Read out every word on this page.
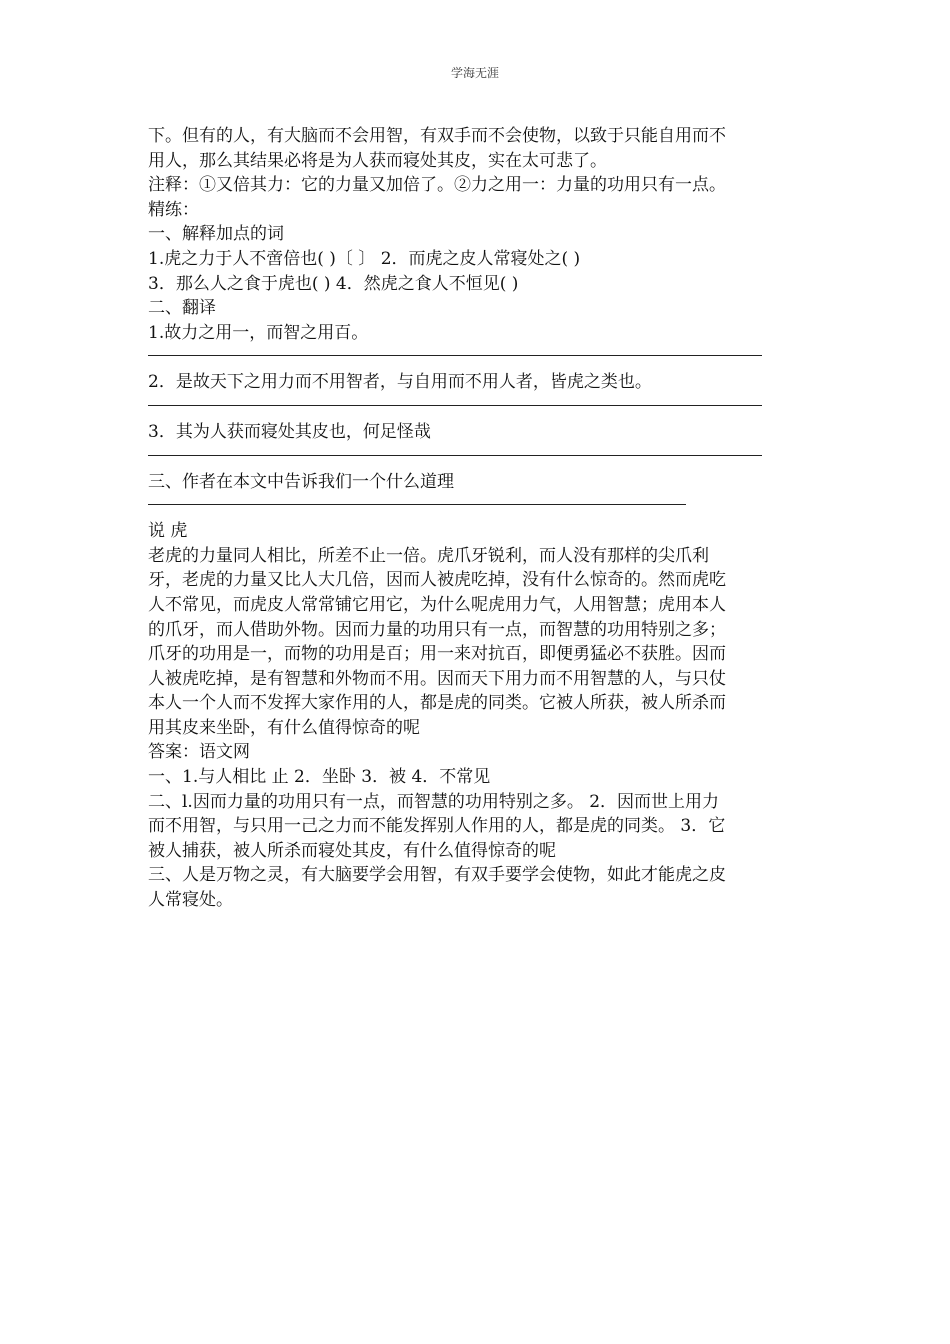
学海无涯
下。但有的人，有大脑而不会用智，有双手而不会使物，以致于只能自用而不
用人，那么其结果必将是为人获而寝处其皮，实在太可悲了。
注释：①又倍其力：它的力量又加倍了。②力之用一：力量的功用只有一点。
精练：
一、解释加点的词
1.虎之力于人不啻倍也( )〔 〕 2．而虎之皮人常寝处之( )
3．那么人之食于虎也( ) 4．然虎之食人不恒见( )
二、翻译
1.故力之用一，而智之用百。
2．是故天下之用力而不用智者，与自用而不用人者，皆虎之类也。
3．其为人获而寝处其皮也，何足怪哉
三、作者在本文中告诉我们一个什么道理
说 虎
老虎的力量同人相比，所差不止一倍。虎爪牙锐利，而人没有那样的尖爪利
牙，老虎的力量又比人大几倍，因而人被虎吃掉，没有什么惊奇的。然而虎吃
人不常见，而虎皮人常常铺它用它，为什么呢虎用力气，人用智慧；虎用本人
的爪牙，而人借助外物。因而力量的功用只有一点，而智慧的功用特别之多；
爪牙的功用是一，而物的功用是百；用一来对抗百，即便勇猛必不获胜。因而
人被虎吃掉，是有智慧和外物而不用。因而天下用力而不用智慧的人，与只仗
本人一个人而不发挥大家作用的人，都是虎的同类。它被人所获，被人所杀而
用其皮来坐卧，有什么值得惊奇的呢
答案：语文网
一、1.与人相比 止 2．坐卧 3．被 4．不常见
二、l.因而力量的功用只有一点，而智慧的功用特别之多。 2．因而世上用力
而不用智，与只用一己之力而不能发挥别人作用的人，都是虎的同类。 3．它
被人捕获，被人所杀而寝处其皮，有什么值得惊奇的呢
三、人是万物之灵，有大脑要学会用智，有双手要学会使物，如此才能虎之皮
人常寝处。
